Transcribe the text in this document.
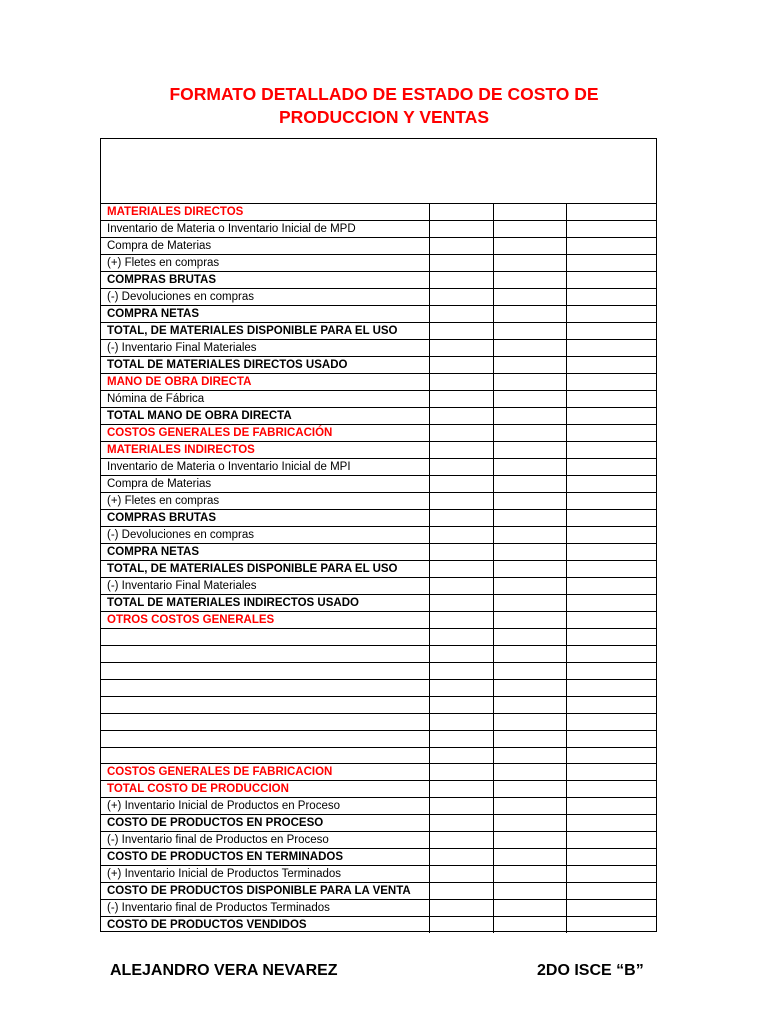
FORMATO DETALLADO DE ESTADO DE COSTO DE
PRODUCCION Y VENTAS
MATERIALES DIRECTOS
Inventario de Materia o Inventario Inicial de MPD
Compra de Materias
(+) Fletes en compras
COMPRAS BRUTAS
(-) Devoluciones en compras
COMPRA NETAS
TOTAL, DE MATERIALES DISPONIBLE PARA EL USO
(-) Inventario Final Materiales
TOTAL DE MATERIALES DIRECTOS USADO
MANO DE OBRA DIRECTA
Nómina de Fábrica
TOTAL MANO DE OBRA DIRECTA
COSTOS GENERALES DE FABRICACIÓN
MATERIALES INDIRECTOS
Inventario de Materia o Inventario Inicial de MPI
Compra de Materias
(+) Fletes en compras
COMPRAS BRUTAS
(-) Devoluciones en compras
COMPRA NETAS
TOTAL, DE MATERIALES DISPONIBLE PARA EL USO
(-) Inventario Final Materiales
TOTAL DE MATERIALES INDIRECTOS USADO
OTROS COSTOS GENERALES
COSTOS GENERALES DE FABRICACION
TOTAL COSTO DE PRODUCCION
(+) Inventario Inicial de Productos en Proceso
COSTO DE PRODUCTOS EN PROCESO
(-) Inventario final de Productos en Proceso
COSTO DE PRODUCTOS EN TERMINADOS
(+) Inventario Inicial de Productos Terminados
COSTO DE PRODUCTOS DISPONIBLE PARA LA VENTA
(-) Inventario final de Productos Terminados
COSTO DE PRODUCTOS VENDIDOS
ALEJANDRO VERA NEVAREZ	2DO ISCE “B”
